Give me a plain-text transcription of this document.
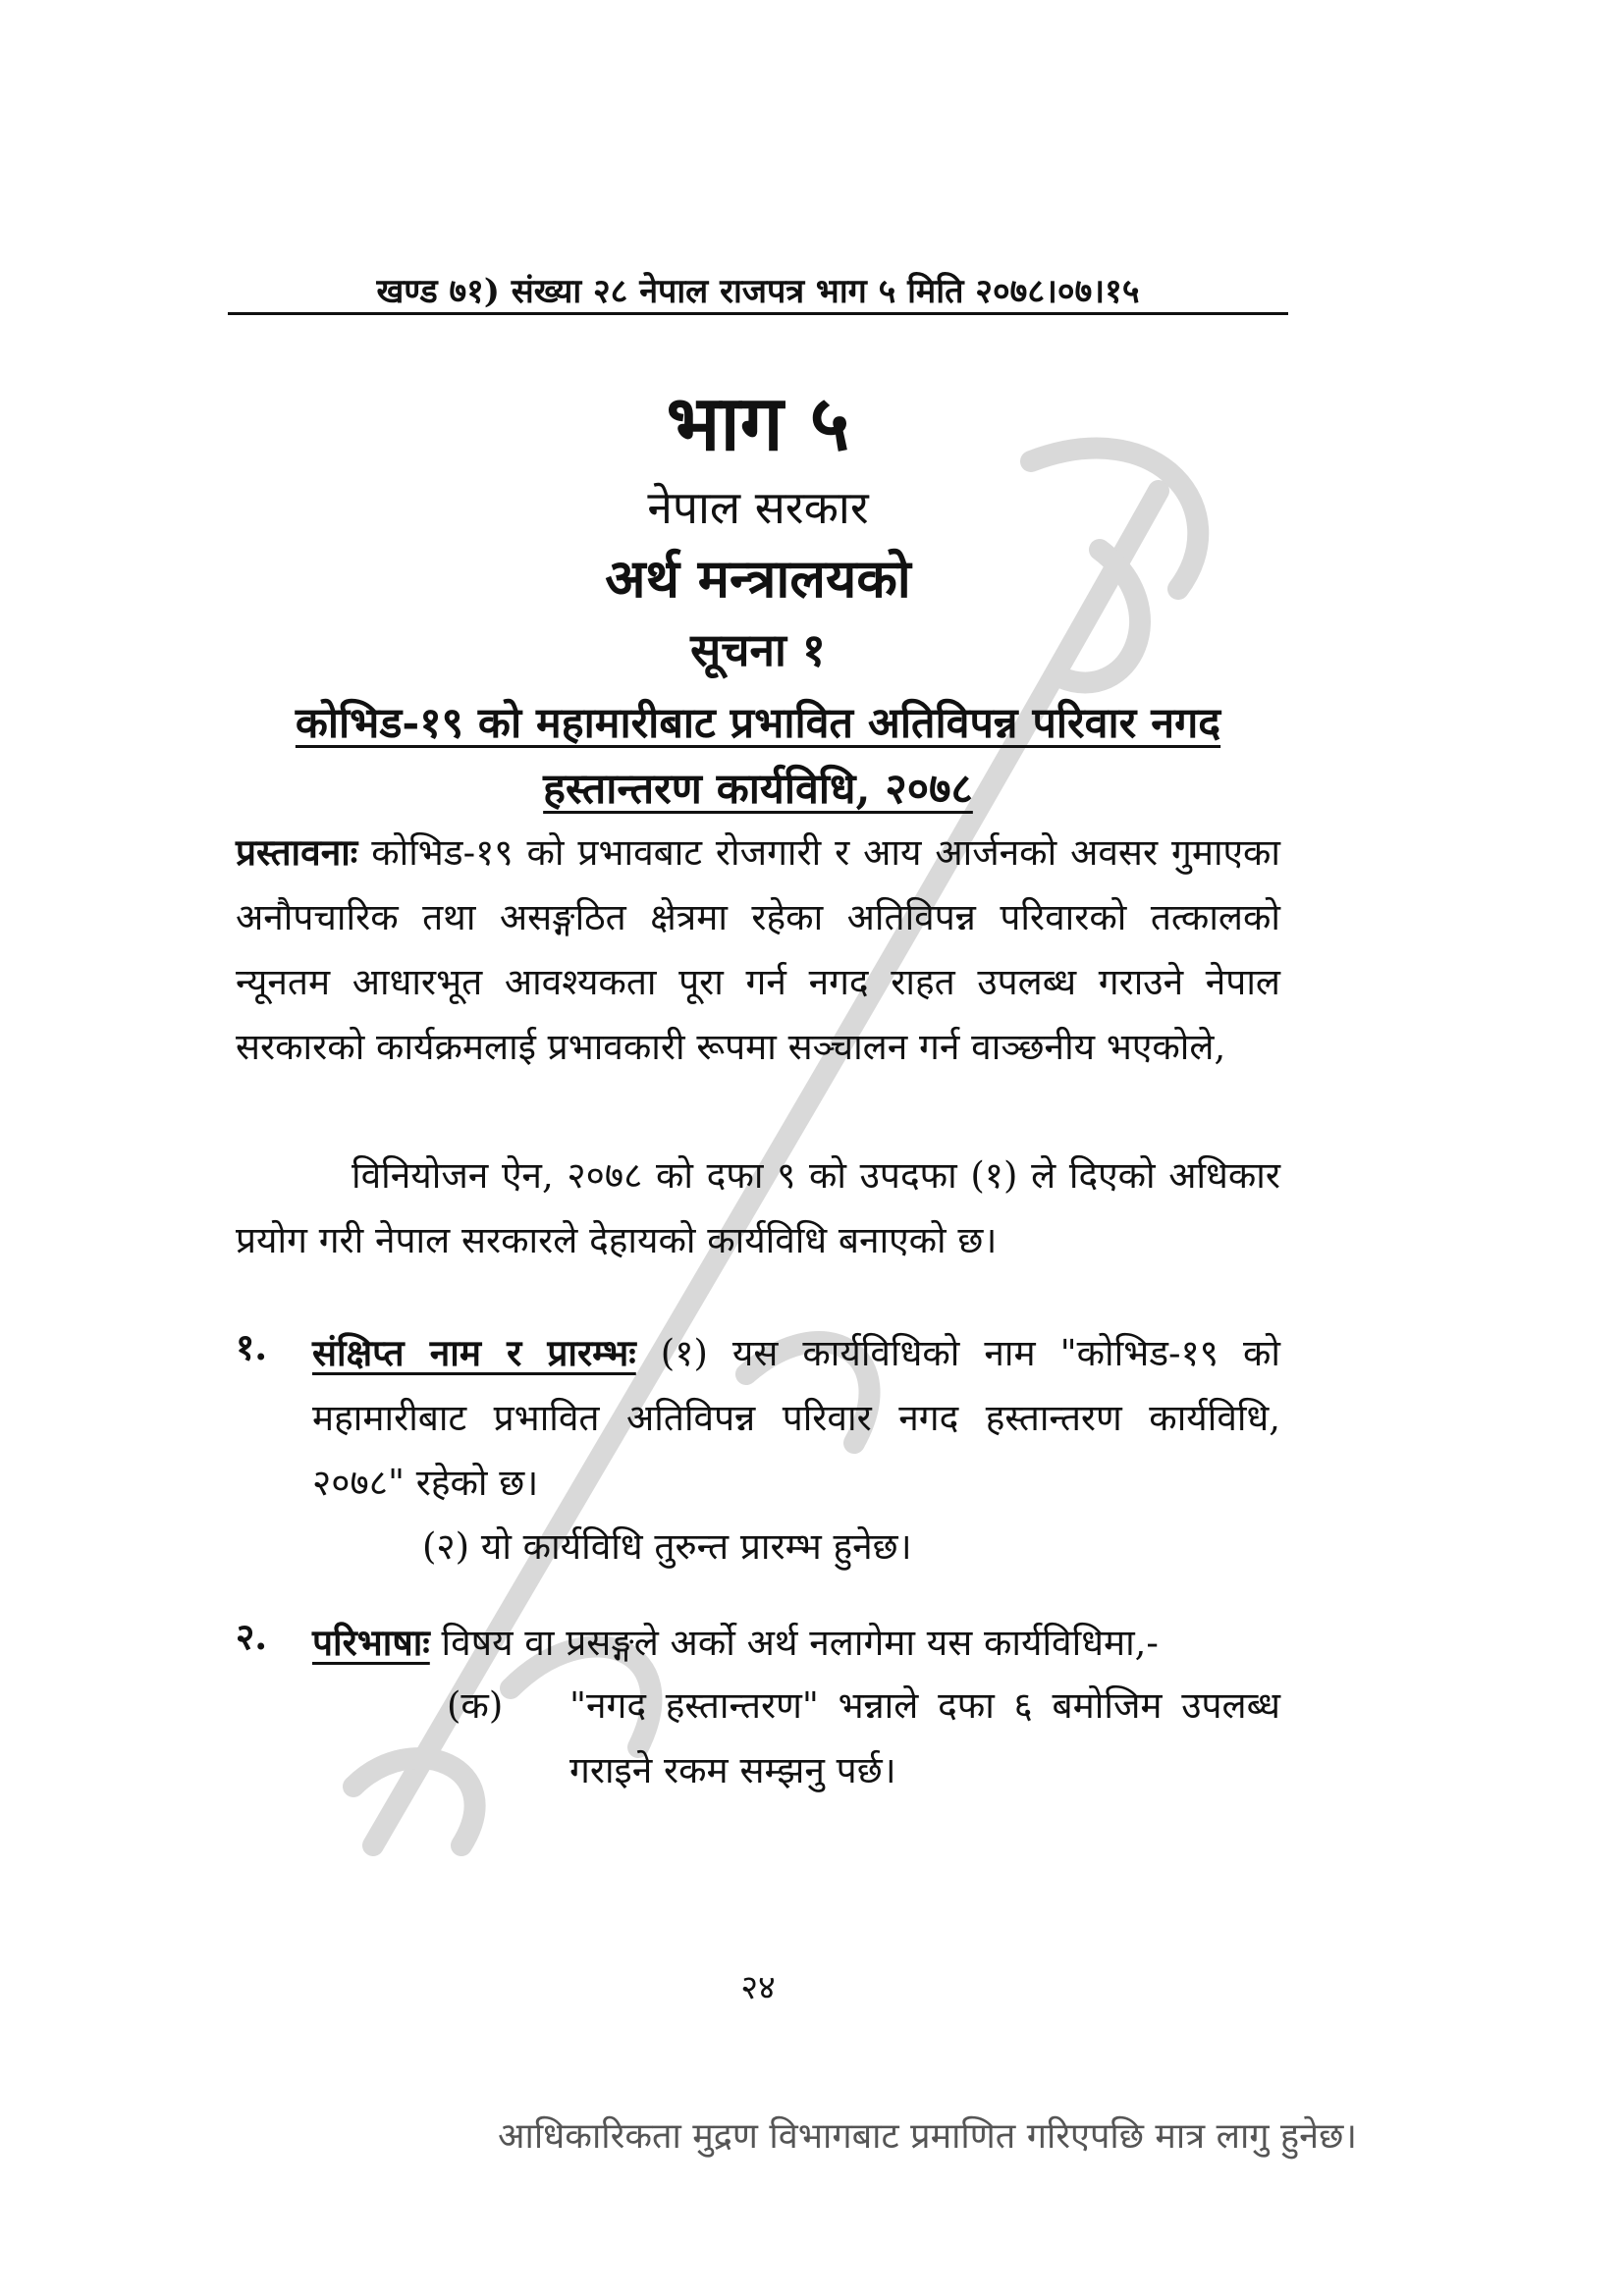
खण्ड ७१) संख्या २८ नेपाल राजपत्र भाग ५ मिति २०७८।०७।१५
भाग ५
नेपाल सरकार
अर्थ मन्त्रालयको
सूचना १
कोभिड-१९ को महामारीबाट प्रभावित अतिविपन्न परिवार नगद
हस्तान्तरण कार्यविधि, २०७८

प्रस्तावनाः कोभिड-१९ को प्रभावबाट रोजगारी र आय आर्जनको अवसर गुमाएका अनौपचारिक तथा असङ्गठित क्षेत्रमा रहेका अतिविपन्न परिवारको तत्कालको न्यूनतम आधारभूत आवश्यकता पूरा गर्न नगद राहत उपलब्ध गराउने नेपाल सरकारको कार्यक्रमलाई प्रभावकारी रूपमा सञ्चालन गर्न वाञ्छनीय भएकोले,

विनियोजन ऐन, २०७८ को दफा ९ को उपदफा (१) ले दिएको अधिकार प्रयोग गरी नेपाल सरकारले देहायको कार्यविधि बनाएको छ।

१. संक्षिप्त नाम र प्रारम्भः (१) यस कार्यविधिको नाम "कोभिड-१९ को महामारीबाट प्रभावित अतिविपन्न परिवार नगद हस्तान्तरण कार्यविधि, २०७८" रहेको छ।

(२) यो कार्यविधि तुरुन्त प्रारम्भ हुनेछ।
२. परिभाषाः विषय वा प्रसङ्गले अर्को अर्थ नलागेमा यस कार्यविधिमा,-

(क) "नगद हस्तान्तरण" भन्नाले दफा ६ बमोजिम उपलब्ध गराइने रकम सम्झनु पर्छ।

२४
आधिकारिकता मुद्रण विभागबाट प्रमाणित गरिएपछि मात्र लागु हुनेछ।
